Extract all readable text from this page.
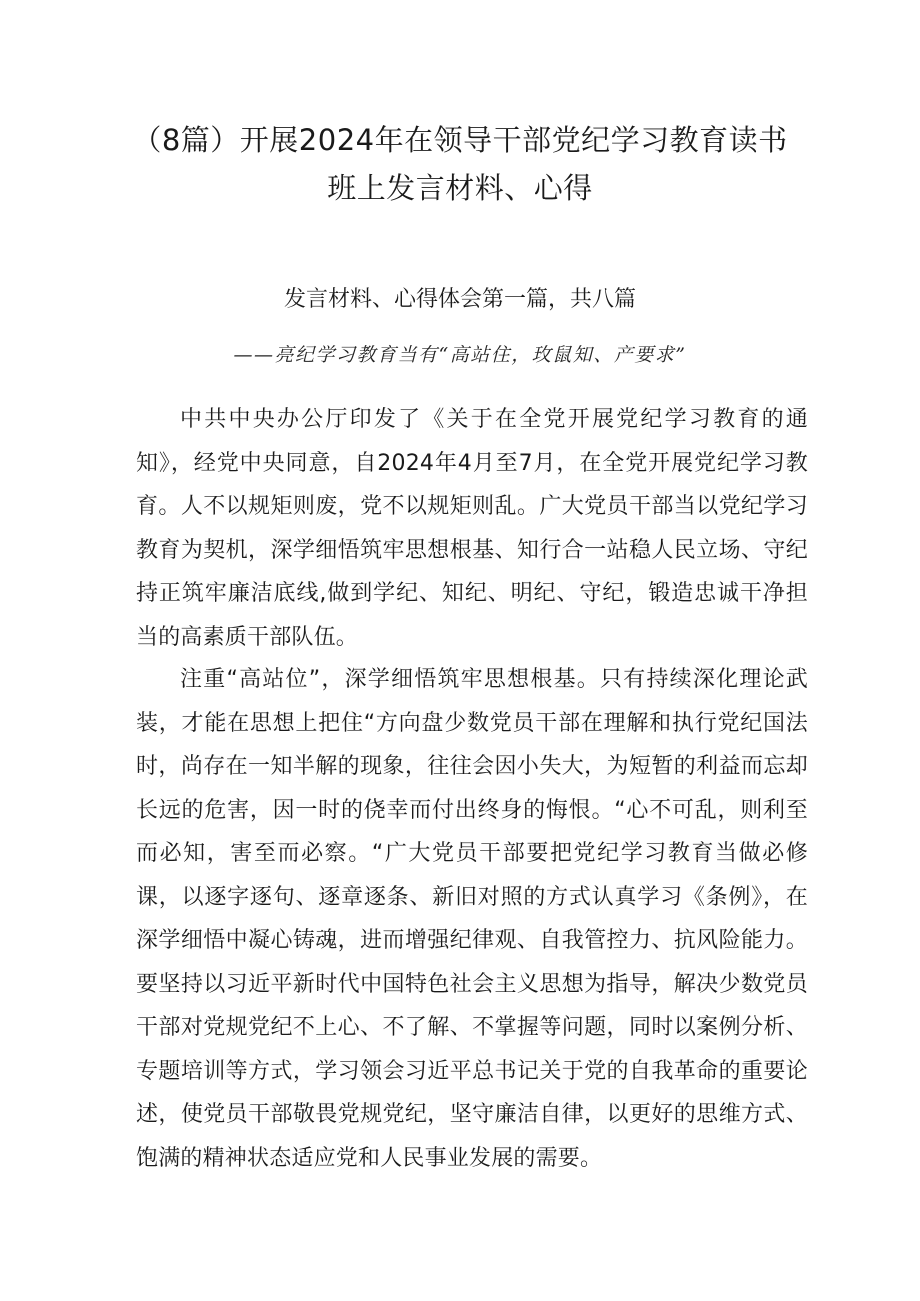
（8篇）开展2024年在领导干部党纪学习教育读书
班上发言材料、心得
发言材料、心得体会第一篇，共八篇

——亮纪学习教育当有“高站住，玫鼠知、产要求”

中共中央办公厅印发了《关于在全党开展党纪学习教育的通知》，经党中央同意，自2024年4月至7月，在全党开展党纪学习教育。人不以规矩则废，党不以规矩则乱。广大党员干部当以党纪学习教育为契机，深学细悟筑牢思想根基、知行合一站稳人民立场、守纪持正筑牢廉洁底线,做到学纪、知纪、明纪、守纪，锻造忠诚干净担当的高素质干部队伍。

注重“高站位”，深学细悟筑牢思想根基。只有持续深化理论武装，才能在思想上把住“方向盘少数党员干部在理解和执行党纪国法时，尚存在一知半解的现象，往往会因小失大，为短暂的利益而忘却长远的危害，因一时的侥幸而付出终身的悔恨。“心不可乱，则利至而必知，害至而必察。“广大党员干部要把党纪学习教育当做必修课，以逐字逐句、逐章逐条、新旧对照的方式认真学习《条例》，在深学细悟中凝心铸魂，进而增强纪律观、自我管控力、抗风险能力。要坚持以习近平新时代中国特色社会主义思想为指导，解决少数党员干部对党规党纪不上心、不了解、不掌握等问题，同时以案例分析、专题培训等方式，学习领会习近平总书记关于党的自我革命的重要论述，使党员干部敬畏党规党纪，坚守廉洁自律，以更好的思维方式、饱满的精神状态适应党和人民事业发展的需要。
